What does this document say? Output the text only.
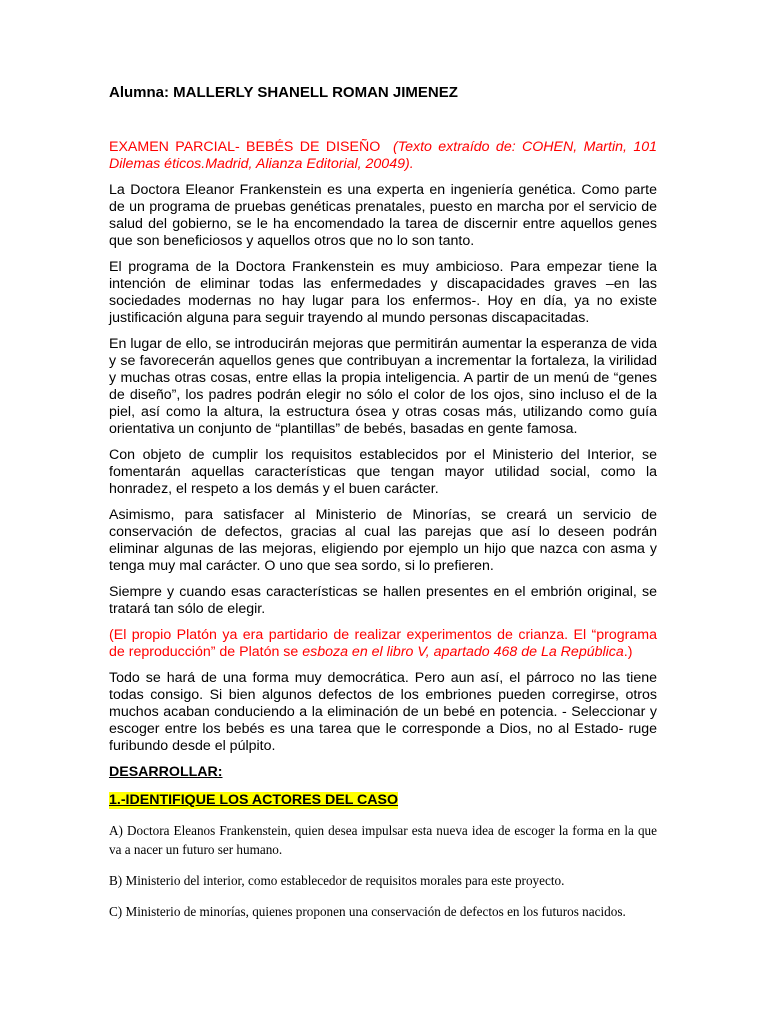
Alumna: MALLERLY SHANELL ROMAN JIMENEZ

EXAMEN PARCIAL- BEBÉS DE DISEÑO (Texto extraído de: COHEN, Martin, 101 Dilemas éticos.Madrid, Alianza Editorial, 20049).

La Doctora Eleanor Frankenstein es una experta en ingeniería genética. Como parte de un programa de pruebas genéticas prenatales, puesto en marcha por el servicio de salud del gobierno, se le ha encomendado la tarea de discernir entre aquellos genes que son beneficiosos y aquellos otros que no lo son tanto.

El programa de la Doctora Frankenstein es muy ambicioso. Para empezar tiene la intención de eliminar todas las enfermedades y discapacidades graves –en las sociedades modernas no hay lugar para los enfermos-. Hoy en día, ya no existe justificación alguna para seguir trayendo al mundo personas discapacitadas.

En lugar de ello, se introducirán mejoras que permitirán aumentar la esperanza de vida y se favorecerán aquellos genes que contribuyan a incrementar la fortaleza, la virilidad y muchas otras cosas, entre ellas la propia inteligencia. A partir de un menú de “genes de diseño”, los padres podrán elegir no sólo el color de los ojos, sino incluso el de la piel, así como la altura, la estructura ósea y otras cosas más, utilizando como guía orientativa un conjunto de “plantillas” de bebés, basadas en gente famosa.

Con objeto de cumplir los requisitos establecidos por el Ministerio del Interior, se fomentarán aquellas características que tengan mayor utilidad social, como la honradez, el respeto a los demás y el buen carácter.

Asimismo, para satisfacer al Ministerio de Minorías, se creará un servicio de conservación de defectos, gracias al cual las parejas que así lo deseen podrán eliminar algunas de las mejoras, eligiendo por ejemplo un hijo que nazca con asma y tenga muy mal carácter. O uno que sea sordo, si lo prefieren.

Siempre y cuando esas características se hallen presentes en el embrión original, se tratará tan sólo de elegir.

(El propio Platón ya era partidario de realizar experimentos de crianza. El “programa de reproducción” de Platón se esboza en el libro V, apartado 468 de La República.)

Todo se hará de una forma muy democrática. Pero aun así, el párroco no las tiene todas consigo. Si bien algunos defectos de los embriones pueden corregirse, otros muchos acaban conduciendo a la eliminación de un bebé en potencia. - Seleccionar y escoger entre los bebés es una tarea que le corresponde a Dios, no al Estado- ruge furibundo desde el púlpito.

DESARROLLAR:
1.-IDENTIFIQUE LOS ACTORES DEL CASO

A) Doctora Eleanos Frankenstein, quien desea impulsar esta nueva idea de escoger la forma en la que va a nacer un futuro ser humano.

B) Ministerio del interior, como establecedor de requisitos morales para este proyecto.

C) Ministerio de minorías, quienes proponen una conservación de defectos en los futuros nacidos.
